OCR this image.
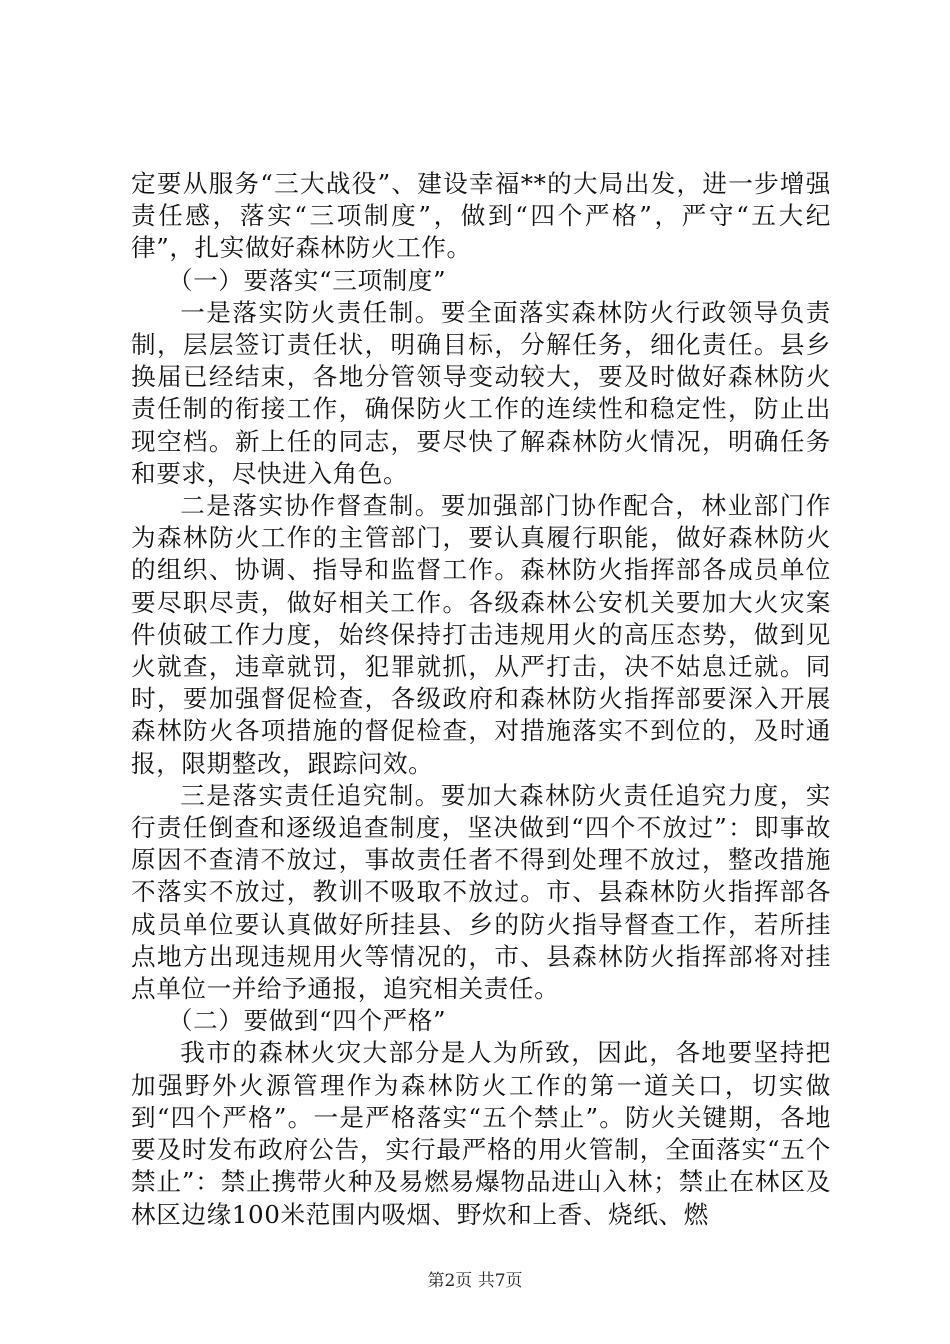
定要从服务“三大战役”、建设幸福**的大局出发，进一步增强责任感，落实“三项制度”，做到“四个严格”，严守“五大纪律”，扎实做好森林防火工作。

（一）要落实“三项制度”

一是落实防火责任制。要全面落实森林防火行政领导负责制，层层签订责任状，明确目标，分解任务，细化责任。县乡换届已经结束，各地分管领导变动较大，要及时做好森林防火责任制的衔接工作，确保防火工作的连续性和稳定性，防止出现空档。新上任的同志，要尽快了解森林防火情况，明确任务和要求，尽快进入角色。

二是落实协作督查制。要加强部门协作配合，林业部门作为森林防火工作的主管部门，要认真履行职能，做好森林防火的组织、协调、指导和监督工作。森林防火指挥部各成员单位要尽职尽责，做好相关工作。各级森林公安机关要加大火灾案件侦破工作力度，始终保持打击违规用火的高压态势，做到见火就查，违章就罚，犯罪就抓，从严打击，决不姑息迁就。同时，要加强督促检查，各级政府和森林防火指挥部要深入开展森林防火各项措施的督促检查，对措施落实不到位的，及时通报，限期整改，跟踪问效。

三是落实责任追究制。要加大森林防火责任追究力度，实行责任倒查和逐级追查制度，坚决做到“四个不放过”：即事故原因不查清不放过，事故责任者不得到处理不放过，整改措施不落实不放过，教训不吸取不放过。市、县森林防火指挥部各成员单位要认真做好所挂县、乡的防火指导督查工作，若所挂点地方出现违规用火等情况的，市、县森林防火指挥部将对挂点单位一并给予通报，追究相关责任。

（二）要做到“四个严格”

我市的森林火灾大部分是人为所致，因此，各地要坚持把加强野外火源管理作为森林防火工作的第一道关口，切实做到“四个严格”。一是严格落实“五个禁止”。防火关键期，各地要及时发布政府公告，实行最严格的用火管制，全面落实“五个禁止”：禁止携带火种及易燃易爆物品进山入林；禁止在林区及林区边缘100米范围内吸烟、野炊和上香、烧纸、燃

第2页 共7页
